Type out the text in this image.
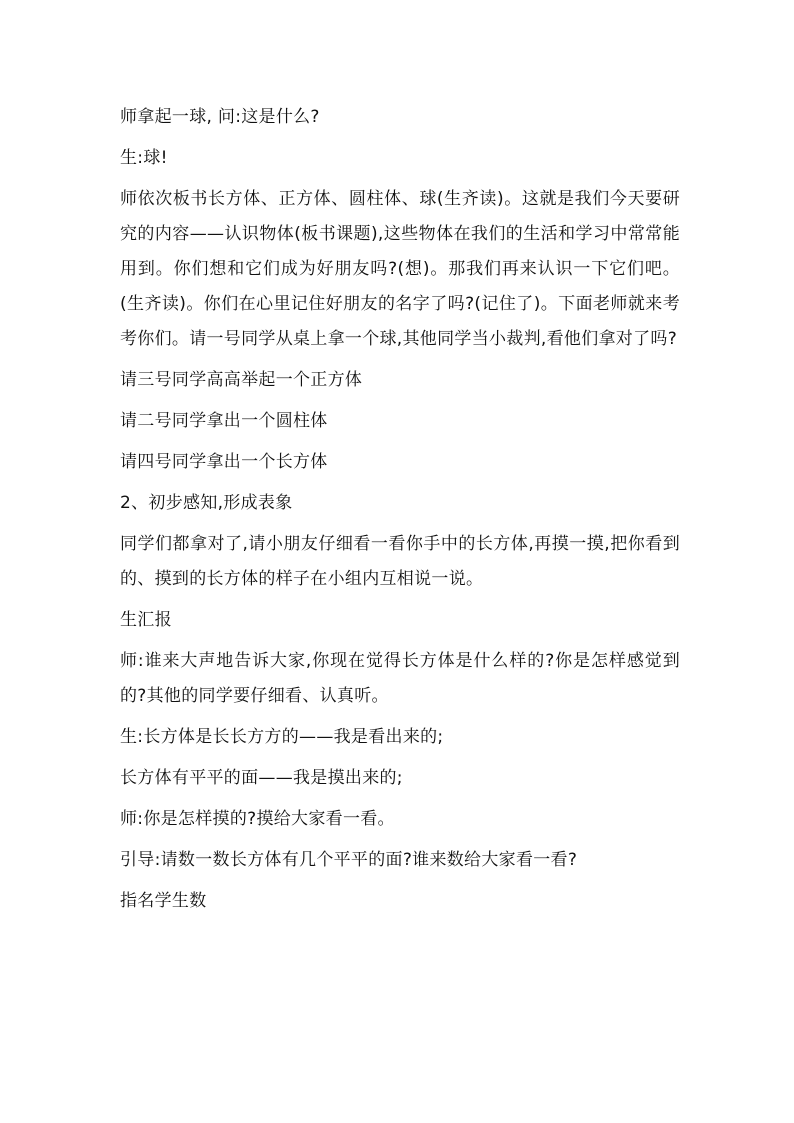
师拿起一球, 问:这是什么?

生:球!

师依次板书长方体、正方体、圆柱体、球(生齐读)。这就是我们今天要研究的内容——认识物体(板书课题),这些物体在我们的生活和学习中常常能用到。你们想和它们成为好朋友吗?(想)。那我们再来认识一下它们吧。(生齐读)。你们在心里记住好朋友的名字了吗?(记住了)。下面老师就来考考你们。请一号同学从桌上拿一个球,其他同学当小裁判,看他们拿对了吗?

请三号同学高高举起一个正方体

请二号同学拿出一个圆柱体

请四号同学拿出一个长方体

2、初步感知,形成表象

同学们都拿对了,请小朋友仔细看一看你手中的长方体,再摸一摸,把你看到的、摸到的长方体的样子在小组内互相说一说。

生汇报

师:谁来大声地告诉大家,你现在觉得长方体是什么样的?你是怎样感觉到的?其他的同学要仔细看、认真听。

生:长方体是长长方方的——我是看出来的;

长方体有平平的面——我是摸出来的;

师:你是怎样摸的?摸给大家看一看。

引导:请数一数长方体有几个平平的面?谁来数给大家看一看?

指名学生数
